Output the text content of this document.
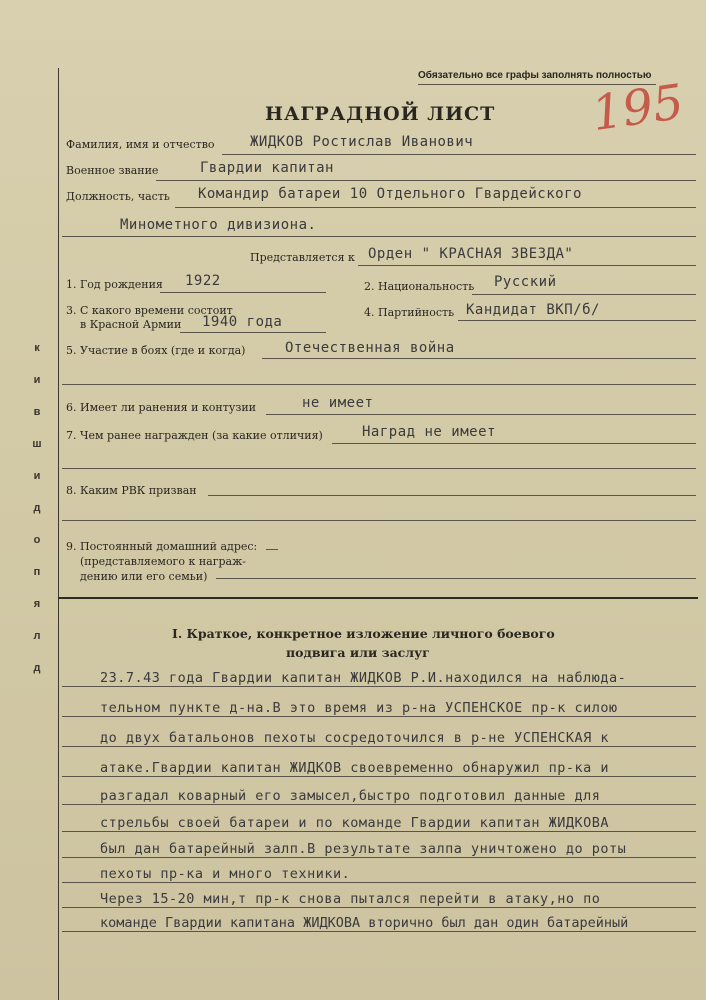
к
и
в
ш
и
д
о
п
я
л
д
Обязательно все графы заполнять полностью
195
НАГРАДНОЙ ЛИСТ
Фамилия, имя и отчество	ЖИДКОВ Ростислав Иванович
Военное звание	Гвардии капитан
Должность, часть Командир батареи 10 Отдельного Гвардейского
Минометного дивизиона.
Представляется к Орден " КРАСНАЯ ЗВЕЗДА"
1. Год рождения 1922	2. Национальность Русский
3. С какого времени состоит
в Красной Армии 1940 года
4. Партийность Кандидат ВКП/б/
5. Участие в боях (где и когда)	Отечественная война
6. Имеет ли ранения и контузии	не имеет
7. Чем ранее награжден (за какие отличия)	Наград не имеет
8. Каким РВК призван
9. Постоянный домашний адрес:
(представляемого к награж-
дению или его семьи)
I. Краткое, конкретное изложение личного боевого
подвига или заслуг
23.7.43 года Гвардии капитан ЖИДКОВ Р.И.находился на наблюда-
тельном пункте д-на.В это время из р-на УСПЕНСКОЕ пр-к силою
до двух батальонов пехоты сосредоточился в р-не УСПЕНСКАЯ к
атаке.Гвардии капитан ЖИДКОВ своевременно обнаружил пр-ка и
разгадал коварный его замысел,быстро подготовил данные для
стрельбы своей батареи и по команде Гвардии капитан ЖИДКОВА
был дан батарейный залп.В результате залпа уничтожено до роты
пехоты пр-ка и много техники.
Через 15-20 мин,т пр-к снова пытался перейти в атаку,но по
команде Гвардии капитана ЖИДКОВА вторично был дан один батарейный
